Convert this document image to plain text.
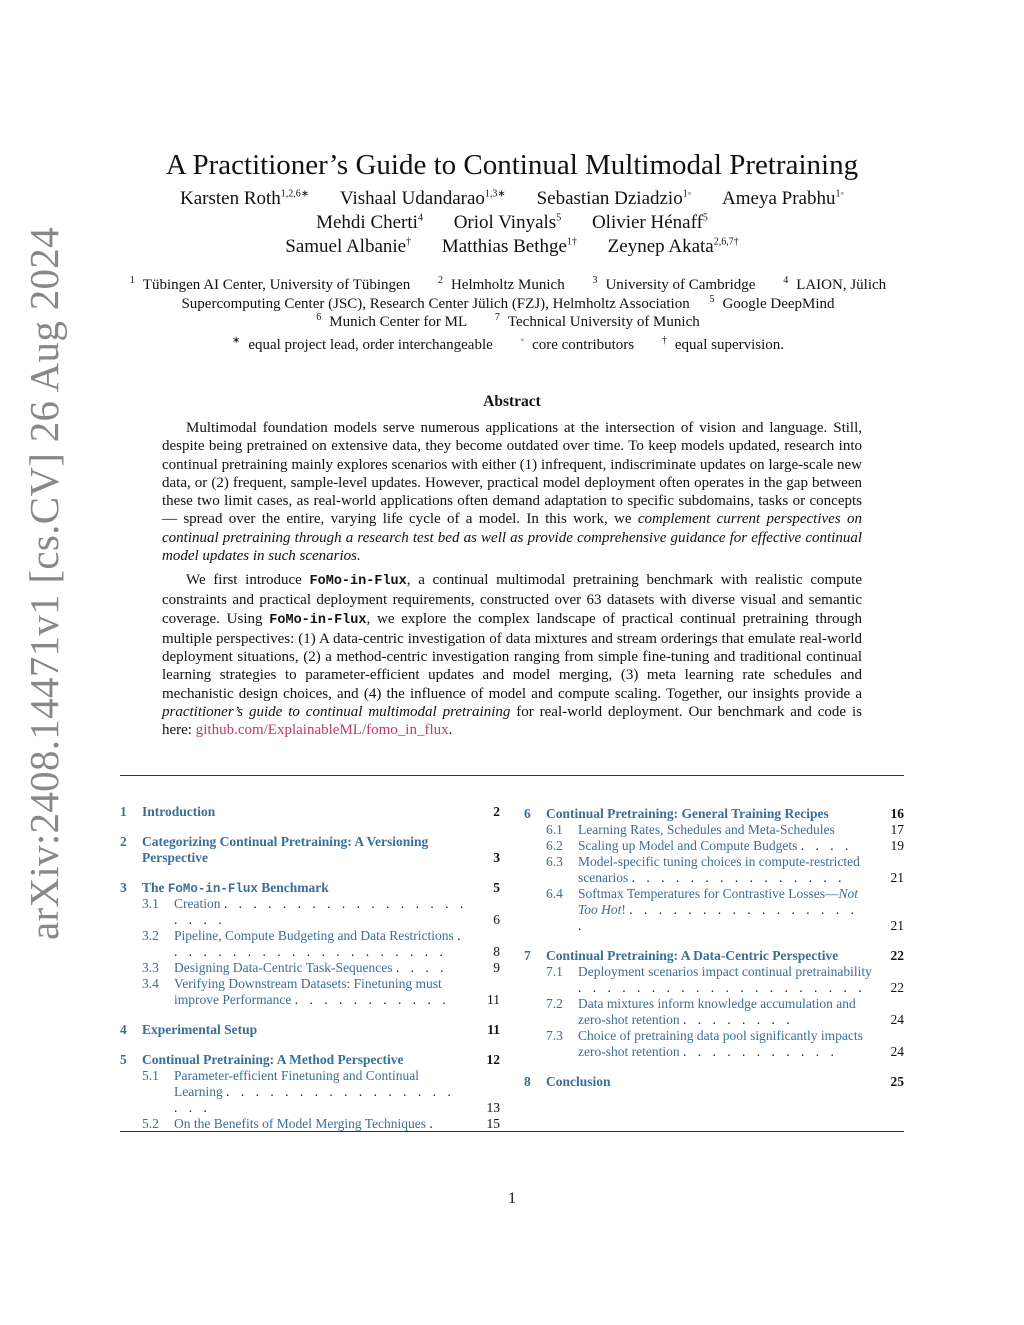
arXiv:2408.14471v1 [cs.CV] 26 Aug 2024
A Practitioner’s Guide to Continual Multimodal Pretraining
Karsten Roth$^{1,2,6∗}$ Vishaal Udandarao$^{1,3∗}$ Sebastian Dziadzio$^{1◦}$ Ameya Prabhu$^{1◦}$
Mehdi Cherti$^4$ Oriol Vinyals$^5$ Olivier Hénaff$^5$
Samuel Albanie† Matthias Bethge$^{1\dagger}$ Zeynep Akata$^{2,6,7\dagger}$
$^1$ Tübingen AI Center, University of Tübingen	$^2$ Helmholtz Munich	$^3$ University of Cambridge	$^4$ LAION, Jülich
Supercomputing Center (JSC), Research Center Jülich (FZJ), Helmholtz Association $^5$ Google DeepMind
$^6$ Munich Center for ML	$^7$ Technical University of Munich
∗ equal project lead, order interchangeable	◦ core contributors	† equal supervision.
Abstract

Multimodal foundation models serve numerous applications at the intersection of vision and language. Still, despite being pretrained on extensive data, they become outdated over time. To keep models updated, research into continual pretraining mainly explores scenarios with either (1) infrequent, indiscriminate updates on large-scale new data, or (2) frequent, sample-level updates. However, practical model deployment often operates in the gap between these two limit cases, as real-world applications often demand adaptation to specific subdomains, tasks or concepts — spread over the entire, varying life cycle of a model. In this work, we complement current perspectives on continual pretraining through a research test bed as well as provide comprehensive guidance for effective continual model updates in such scenarios.

We first introduce FoMo-in-Flux, a continual multimodal pretraining benchmark with realistic compute constraints and practical deployment requirements, constructed over 63 datasets with diverse visual and semantic coverage. Using FoMo-in-Flux, we explore the complex landscape of practical continual pretraining through multiple perspectives: (1) A data-centric investigation of data mixtures and stream orderings that emulate real-world deployment situations, (2) a method-centric investigation ranging from simple fine-tuning and traditional continual learning strategies to parameter-efficient updates and model merging, (3) meta learning rate schedules and mechanistic design choices, and (4) the influence of model and compute scaling. Together, our insights provide a practitioner’s guide to continual multimodal pretraining for real-world deployment. Our benchmark and code is here: github.com/ExplainableML/fomo_in_flux.

1 Introduction	2
2 Categorizing Continual Pretraining: A Versioning Perspective	3
3 The FoMo-in-Flux Benchmark	5
3.1 Creation . . . . . . . . . . . . . . . . . . . . .	6
3.2 Pipeline, Compute Budgeting and Data Restrictions . . . . . . . . . . . . . . . . . . . .	8
3.3 Designing Data-Centric Task-Sequences . . . .	9
3.4 Verifying Downstream Datasets: Finetuning must improve Performance . . . . . . . . . . .	11
4 Experimental Setup	11
5 Continual Pretraining: A Method Perspective	12
5.1 Parameter-efficient Finetuning and Continual Learning . . . . . . . . . . . . . . . . . . .	13
5.2 On the Benefits of Model Merging Techniques .	15
6 Continual Pretraining: General Training Recipes	16
6.1 Learning Rates, Schedules and Meta-Schedules	17
6.2 Scaling up Model and Compute Budgets . . . .	19
6.3 Model-specific tuning choices in compute-restricted scenarios . . . . . . . . . . . . . . .	21
6.4 Softmax Temperatures for Contrastive Losses—Not Too Hot! . . . . . . . . . . . . . . . . .	21
7 Continual Pretraining: A Data-Centric Perspective	22
7.1 Deployment scenarios impact continual pretrainability . . . . . . . . . . . . . . . . . . . .	22
7.2 Data mixtures inform knowledge accumulation and zero-shot retention . . . . . . . .	24
7.3 Choice of pretraining data pool significantly impacts zero-shot retention . . . . . . . . . . .	24
8 Conclusion	25
1
